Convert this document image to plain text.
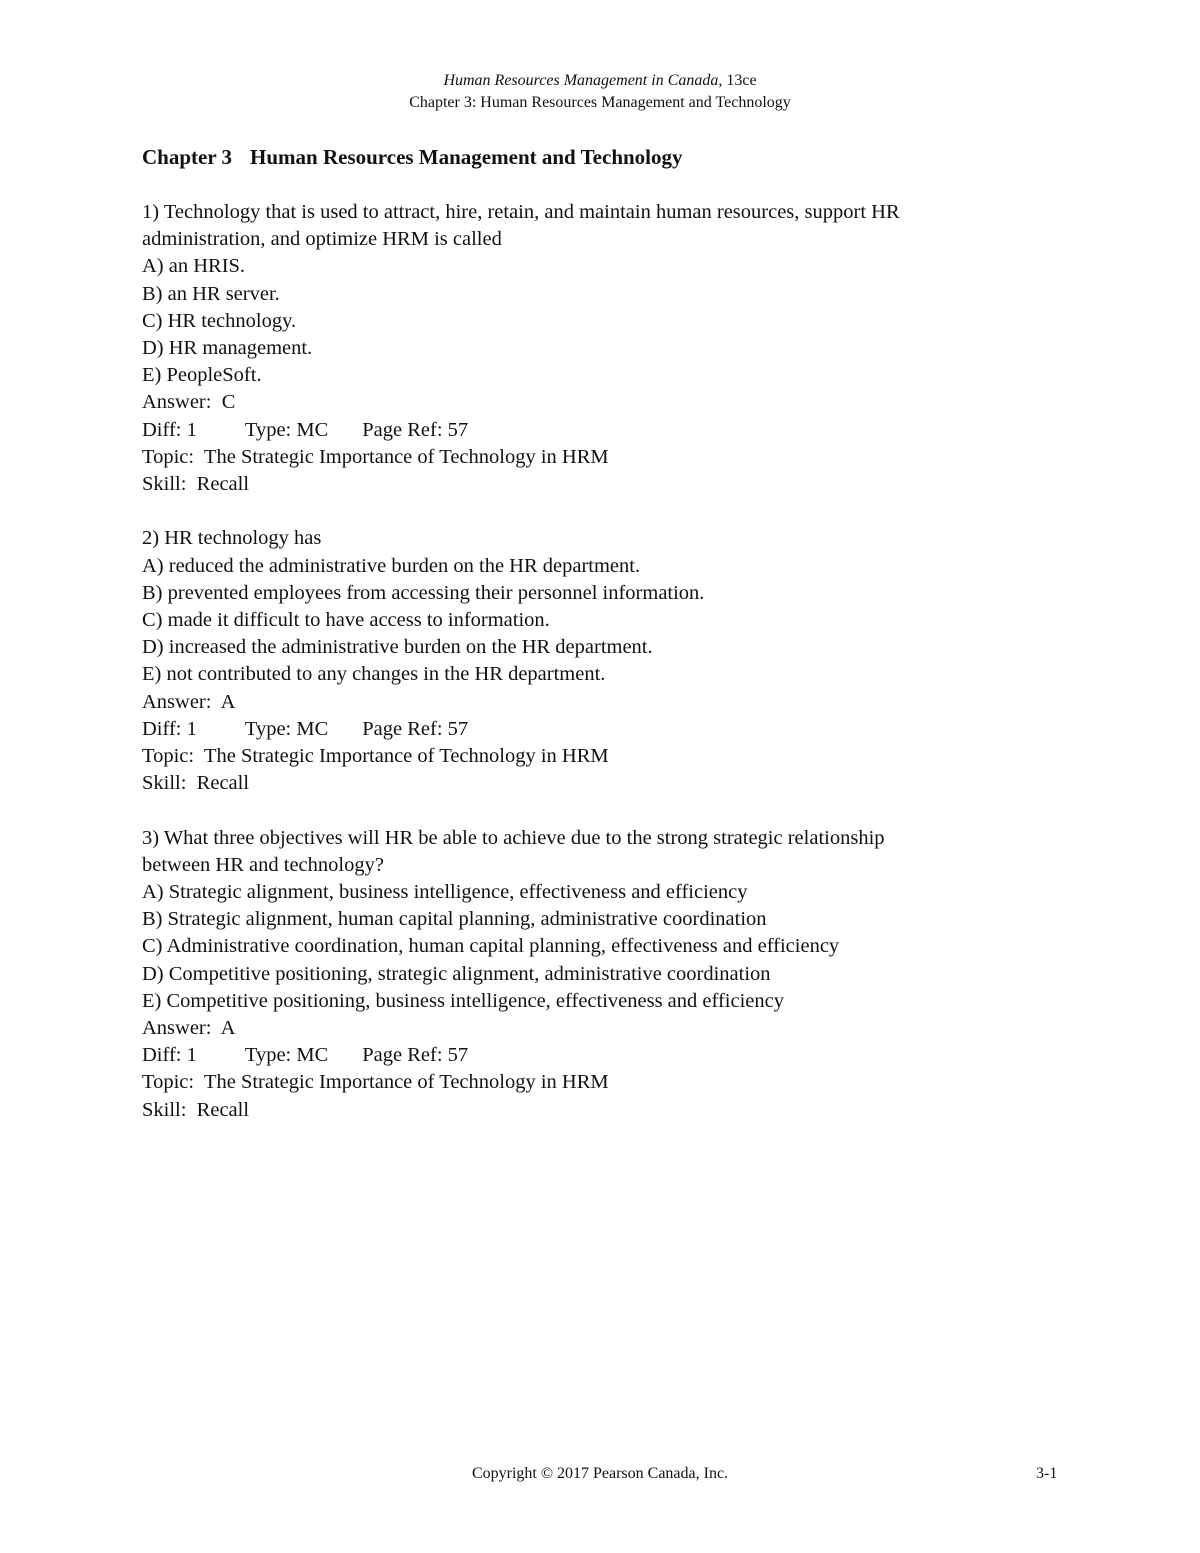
Human Resources Management in Canada, 13ce
Chapter 3: Human Resources Management and Technology
Chapter 3 Human Resources Management and Technology
1) Technology that is used to attract, hire, retain, and maintain human resources, support HR
administration, and optimize HRM is called
A) an HRIS.
B) an HR server.
C) HR technology.
D) HR management.
E) PeopleSoft.
Answer:  C
Diff: 1 Type: MC Page Ref: 57
Topic:  The Strategic Importance of Technology in HRM
Skill:  Recall
2) HR technology has
A) reduced the administrative burden on the HR department.
B) prevented employees from accessing their personnel information.
C) made it difficult to have access to information.
D) increased the administrative burden on the HR department.
E) not contributed to any changes in the HR department.
Answer:  A
Diff: 1 Type: MC Page Ref: 57
Topic:  The Strategic Importance of Technology in HRM
Skill:  Recall
3) What three objectives will HR be able to achieve due to the strong strategic relationship
between HR and technology?
A) Strategic alignment, business intelligence, effectiveness and efficiency
B) Strategic alignment, human capital planning, administrative coordination
C) Administrative coordination, human capital planning, effectiveness and efficiency
D) Competitive positioning, strategic alignment, administrative coordination
E) Competitive positioning, business intelligence, effectiveness and efficiency
Answer:  A
Diff: 1 Type: MC Page Ref: 57
Topic:  The Strategic Importance of Technology in HRM
Skill:  Recall
Copyright © 2017 Pearson Canada, Inc.	3-1
